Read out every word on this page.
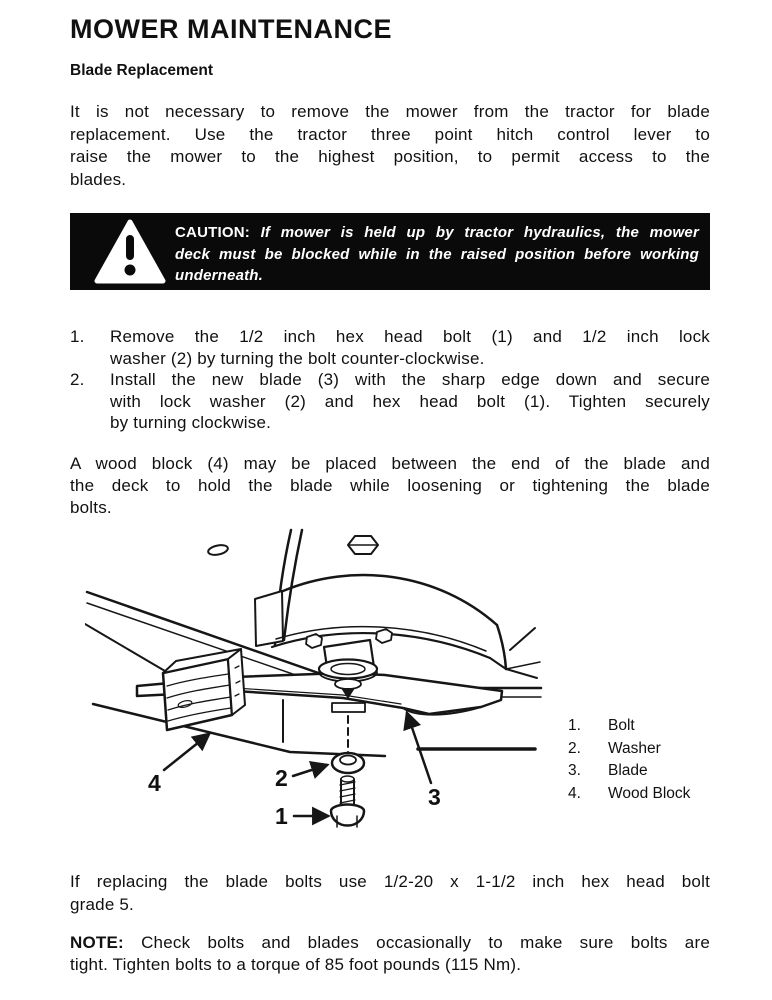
MOWER MAINTENANCE
Blade Replacement
It is not necessary to remove the mower from the tractor for blade
replacement. Use the tractor three point hitch control lever to
raise the mower to the highest position, to permit access to the
blades.
CAUTION: If mower is held up by tractor hydraulics, the mower
deck must be blocked while in the raised position before working
underneath.
1. Remove the 1/2 inch hex head bolt (1) and 1/2 inch lock
washer (2) by turning the bolt counter-clockwise.
2. Install the new blade (3) with the sharp edge down and secure
with lock washer (2) and hex head bolt (1). Tighten securely
by turning clockwise.
A wood block (4) may be placed between the end of the blade and
the deck to hold the blade while loosening or tightening the blade
bolts.
4	2
1
3
1.	Bolt
2.	Washer
3.	Blade
4.	Wood Block
If replacing the blade bolts use 1/2-20 x 1-1/2 inch hex head bolt
grade 5.
NOTE: Check bolts and blades occasionally to make sure bolts are
tight. Tighten bolts to a torque of 85 foot pounds (115 Nm).
